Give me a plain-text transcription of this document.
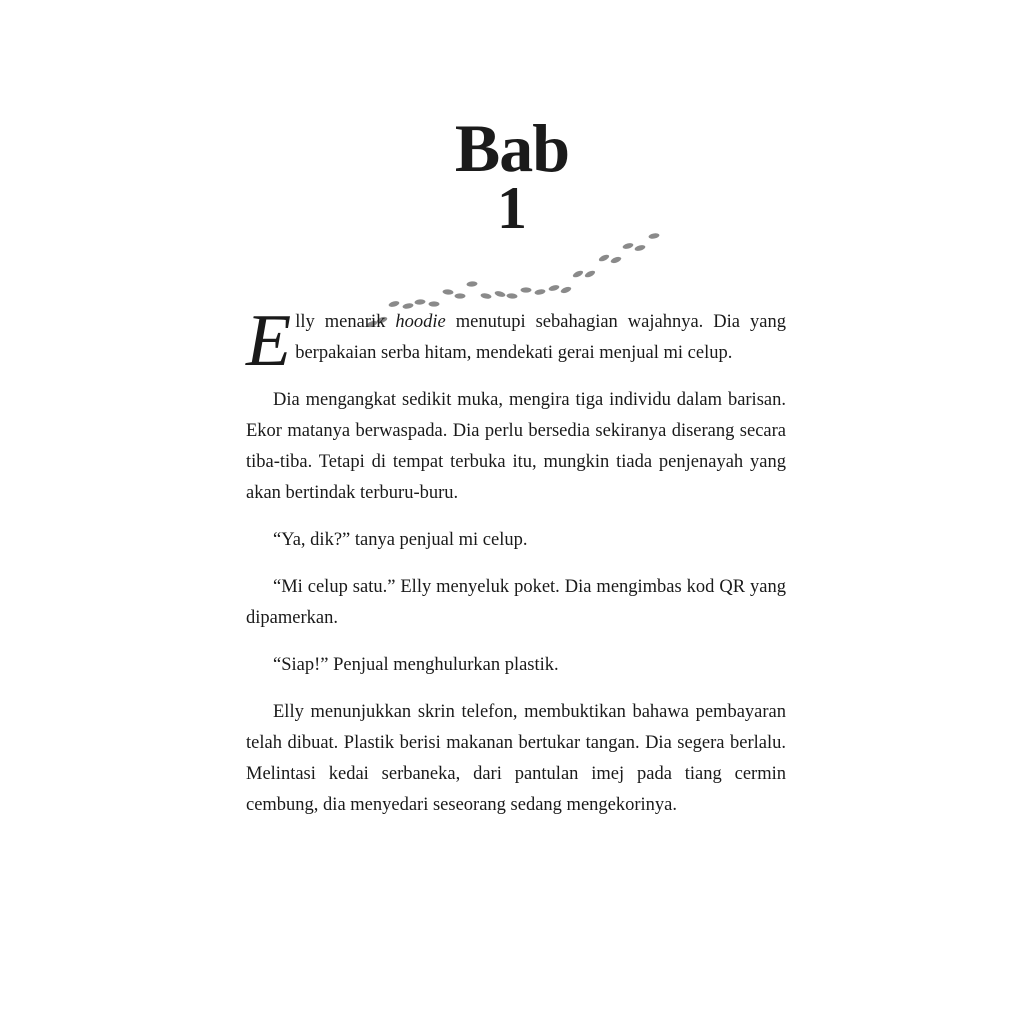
Bab
1

Elly menarik hoodie menutupi sebahagian wajahnya. Dia yang berpakaian serba hitam, mendekati gerai menjual mi celup.

Dia mengangkat sedikit muka, mengira tiga individu dalam barisan. Ekor matanya berwaspada. Dia perlu bersedia sekiranya diserang secara tiba-tiba. Tetapi di tempat terbuka itu, mungkin tiada penjenayah yang akan bertindak terburu-buru.

“Ya, dik?” tanya penjual mi celup.

“Mi celup satu.” Elly menyeluk poket. Dia mengimbas kod QR yang dipamerkan.

“Siap!” Penjual menghulurkan plastik.

Elly menunjukkan skrin telefon, membuktikan bahawa pembayaran telah dibuat. Plastik berisi makanan bertukar tangan. Dia segera berlalu. Melintasi kedai serbaneka, dari pantulan imej pada tiang cermin cembung, dia menyedari seseorang sedang mengekorinya.
